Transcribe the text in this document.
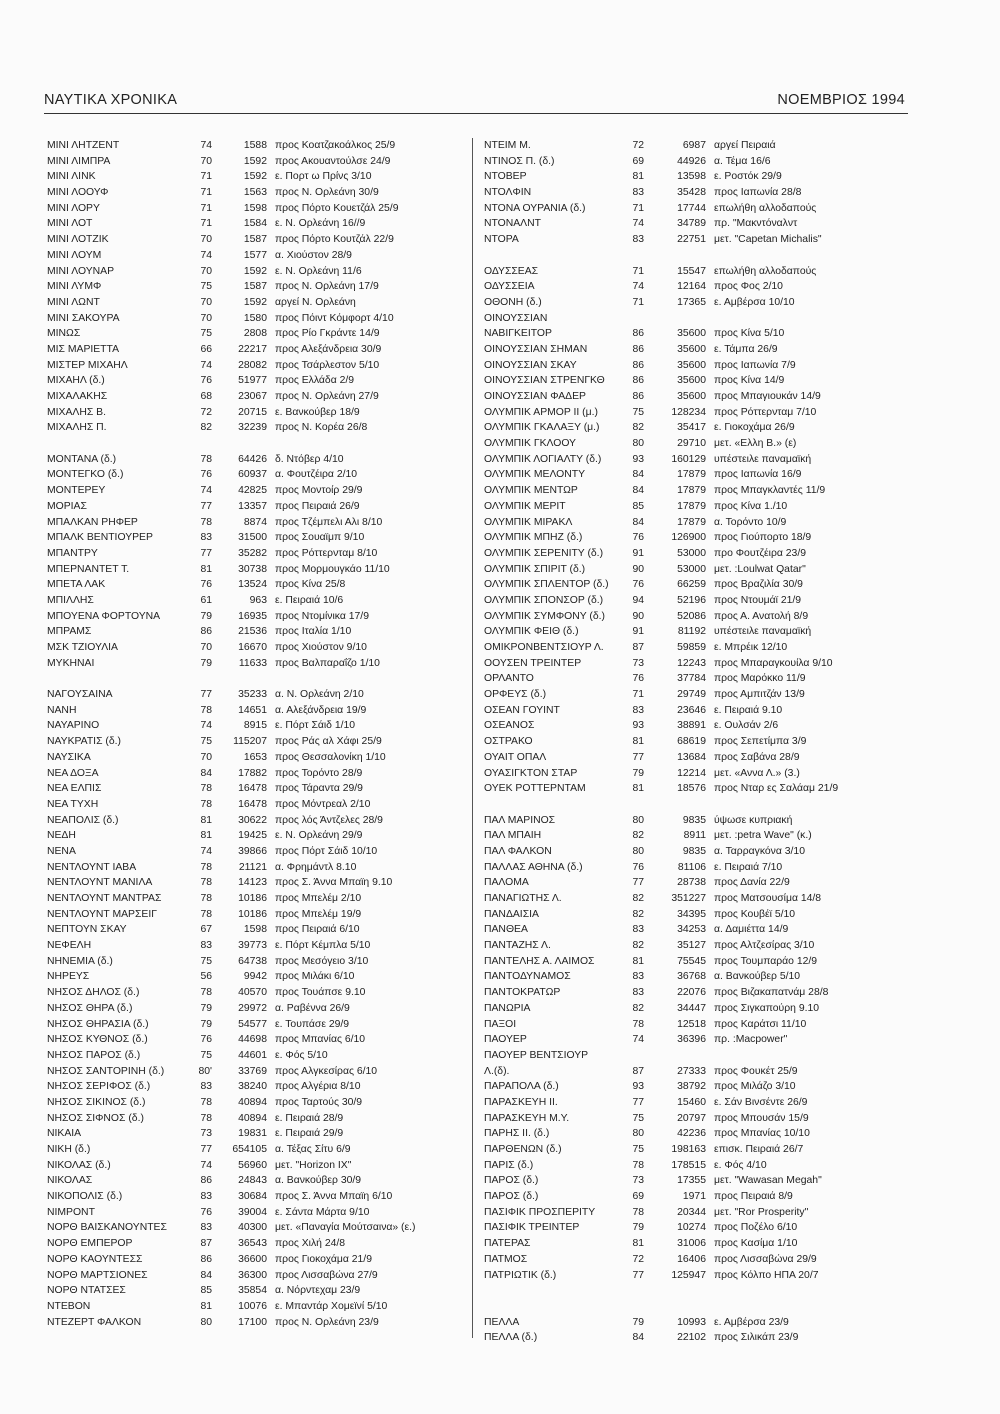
ΝΑΥΤΙΚΑ ΧΡΟΝΙΚΑ	ΝΟΕΜΒΡΙΟΣ 1994
ΜΙΝΙ ΛΗΤΖΕΝΤ	74	1588 προς Κοατζακοάλκος 25/9
ΜΙΝΙ ΛΙΜΠΡΑ	70	1592 προς Ακουαντούλσε 24/9
ΜΙΝΙ ΛΙΝΚ	71	1592 ε. Πορτ ω Πρίνς 3/10
ΜΙΝΙ ΛΟΟΥΦ	71	1563 προς Ν. Ορλεάνη 30/9
ΜΙΝΙ ΛΟΡΥ	71	1598 προς Πόρτο Κουετζάλ 25/9
ΜΙΝΙ ΛΟΤ	71	1584 ε. Ν. Ορλεάνη 16//9
ΜΙΝΙ ΛΟΤΖΙΚ	70	1587 προς Πόρτο Κουτζάλ 22/9
ΜΙΝΙ ΛΟΥΜ	74	1577 α. Χιούστον 28/9
ΜΙΝΙ ΛΟΥΝΑΡ	70	1592 ε. Ν. Ορλεάνη 11/6
ΜΙΝΙ ΛΥΜΦ	75	1587 προς Ν. Ορλεάνη 17/9
ΜΙΝΙ ΛΩΝΤ	70	1592 αργεί Ν. Ορλεάνη
ΜΙΝΙ ΣΑΚΟΥΡΑ	70	1580 προς Πόιντ Κόμφορτ 4/10
ΜΙΝΩΣ	75	2808 προς Ρίο Γκράντε 14/9
ΜΙΣ ΜΑΡΙΕΤΤΑ	66	22217 προς Αλεξάνδρεια 30/9
ΜΙΣΤΕΡ ΜΙΧΑΗΛ	74	28082 προς Τσάρλεστον 5/10
ΜΙΧΑΗΛ (δ.)	76	51977 προς Ελλάδα 2/9
ΜΙΧΑΛΑΚΗΣ	68	23067 προς Ν. Ορλεάνη 27/9
ΜΙΧΑΛΗΣ Β.	72	20715 ε. Βανκούβερ 18/9
ΜΙΧΑΛΗΣ Π.	82	32239 προς Ν. Κορέα 26/8
ΜΟΝΤΑΝΑ (δ.)	78	64426 δ. Ντόβερ 4/10
ΜΟΝΤΕΓΚΟ (δ.)	76	60937 α. Φουτζέιρα 2/10
ΜΟΝΤΕΡΕΥ	74	42825 προς Μοντοίρ 29/9
ΜΟΡΙΑΣ	77	13357 προς Πειραιά 26/9
ΜΠΑΛΚΑΝ ΡΗΦΕΡ	78	8874 προς Τζέμπελι Αλι 8/10
ΜΠΑΛΚ ΒΕΝΤΙΟΥΡΕΡ	83	31500 προς Σουαϊμπ 9/10
ΜΠΑΝΤΡΥ	77	35282 προς Ρόττερνταμ 8/10
ΜΠΕΡΝΑΝΤΕΤ Τ.	81	30738 προς Μορμουγκάο 11/10
ΜΠΕΤΑ ΛΑΚ	76	13524 προς Κίνα 25/8
ΜΠΙΛΛΗΣ	61	963 ε. Πειραιά 10/6
ΜΠΟΥΕΝΑ ΦΟΡΤΟΥΝΑ	79	16935 προς Ντομίνικα 17/9
ΜΠΡΑΜΣ	86	21536 προς Ιταλία 1/10
ΜΣΚ ΤΖΙΟΥΛΙΑ	70	16670 προς Χιούστον 9/10
ΜΥΚΗΝΑΙ	79	11633 προς Βαλπαραΐζο 1/10
ΝΑΓΟΥΣΑΙΝΑ	77	35233 α. Ν. Ορλεάνη 2/10
ΝΑΝΗ	78	14651 α. Αλεξάνδρεια 19/9
ΝΑΥΑΡΙΝΟ	74	8915 ε. Πόρτ Σάιδ 1/10
ΝΑΥΚΡΑΤΙΣ (δ.)	75	115207 προς Ράς αλ Χάφι 25/9
ΝΑΥΣΙΚΑ	70	1653 προς Θεσσαλονίκη 1/10
ΝΕΑ ΔΟΞΑ	84	17882 προς Τορόντο 28/9
ΝΕΑ ΕΛΠΙΣ	78	16478 προς Τάραντα 29/9
ΝΕΑ ΤΥΧΗ	78	16478 προς Μόντρεαλ 2/10
ΝΕΑΠΟΛΙΣ (δ.)	81	30622 προς λός Άντζελες 28/9
ΝΕΔΗ	81	19425 ε. Ν. Ορλεάνη 29/9
ΝΕΝΑ	74	39866 προς Πόρτ Σάιδ 10/10
ΝΕΝΤΛΟΥΝΤ ΙΑΒΑ	78	21121 α. Φρημάντλ 8.10
ΝΕΝΤΛΟΥΝΤ ΜΑΝΙΛΑ	78	14123 προς Σ. Άννα Μπαϊη 9.10
ΝΕΝΤΛΟΥΝΤ ΜΑΝΤΡΑΣ	78	10186 προς Μπελέμ 2/10
ΝΕΝΤΛΟΥΝΤ ΜΑΡΣΕΙΓ	78	10186 προς Μπελέμ 19/9
ΝΕΠΤΟΥΝ ΣΚΑΥ	67	1598 προς Πειραιά 6/10
ΝΕΦΕΛΗ	83	39773 ε. Πόρτ Κέμπλα 5/10
ΝΗΝΕΜΙΑ (δ.)	75	64738 προς Μεσόγειο 3/10
ΝΗΡΕΥΣ	56	9942 προς Μιλάκι 6/10
ΝΗΣΟΣ ΔΗΛΟΣ (δ.)	78	40570 προς Τουάπσε 9.10
ΝΗΣΟΣ ΘΗΡΑ (δ.)	79	29972 α. Ραβέννα 26/9
ΝΗΣΟΣ ΘΗΡΑΣΙΑ (δ.)	79	54577 ε. Τουπάσε 29/9
ΝΗΣΟΣ ΚΥΘΝΟΣ (δ.)	76	44698 προς Μπανίας 6/10
ΝΗΣΟΣ ΠΑΡΟΣ (δ.)	75	44601 ε. Φός 5/10
ΝΗΣΟΣ ΣΑΝΤΟΡΙΝΗ (δ.)	80'	33769 προς Αλγκεσίρας 6/10
ΝΗΣΟΣ ΣΕΡΙΦΟΣ (δ.)	83	38240 προς Αλγέρια 8/10
ΝΗΣΟΣ ΣΙΚΙΝΟΣ (δ.)	78	40894 προς Ταρτούς 30/9
ΝΗΣΟΣ ΣΙΦΝΟΣ (δ.)	78	40894 ε. Πειραιά 28/9
ΝΙΚΑΙΑ	73	19831 ε. Πειραιά 29/9
ΝΙΚΗ (δ.)	77	654105 α. Τέξας Σίτυ 6/9
ΝΙΚΟΛΑΣ (δ.)	74	56960 μετ. "Horizon IX"
ΝΙΚΟΛΑΣ	86	24843 α. Βανκούβερ 30/9
ΝΙΚΟΠΟΛΙΣ (δ.)	83	30684 προς Σ. Άννα Μπαϊη 6/10
ΝΙΜΡΟΝΤ	76	39004 ε. Σάντα Μάρτα 9/10
ΝΟΡΘ ΒΑΙΣΚΑΝΟΥΝΤΕΣ	83	40300 μετ. «Παναγία Μούτσαινα» (ε.)
ΝΟΡΘ ΕΜΠΕΡΟΡ	87	36543 προς Χιλή 24/8
ΝΟΡΘ ΚΑΟΥΝΤΕΣΣ	86	36600 προς Γιοκοχάμα 21/9
ΝΟΡΘ ΜΑΡΤΣΙΟΝΕΣ	84	36300 προς Λισσαβώνα 27/9
ΝΟΡΘ ΝΤΑΤΣΕΣ	85	35854 α. Νόρντεχαμ 23/9
ΝΤΕΒΟΝ	81	10076 ε. Μπαντάρ Χομεϊνί 5/10
ΝΤΕΖΕΡΤ ΦΑΛΚΟΝ	80	17100 προς Ν. Ορλεάνη 23/9
ΝΤΕΙΜ Μ.	72	6987 αργεί Πειραιά
ΝΤΙΝΟΣ Π. (δ.)	69	44926 α. Τέμα 16/6
ΝΤΟΒΕΡ	81	13598 ε. Ροστόκ 29/9
ΝΤΟΛΦΙΝ	83	35428 προς Ιαπωνία 28/8
ΝΤΟΝΑ ΟΥΡΑΝΙΑ (δ.)	71	17744 επωλήθη αλλοδαπούς
ΝΤΟΝΑΛΝΤ	74	34789 πρ. "Μακντόναλντ
ΝΤΟΡΑ	83	22751 μετ. "Capetan Michalis"
ΟΔΥΣΣΕΑΣ	71	15547 επωλήθη αλλοδαπούς
ΟΔΥΣΣΕΙΑ	74	12164 προς Φος 2/10
ΟΘΟΝΗ (δ.)	71	17365 ε. Αμβέρσα 10/10
ΟΙΝΟΥΣΣΙΑΝ
ΝΑΒΙΓΚΕΙΤΟΡ	86	35600 προς Κίνα 5/10
ΟΙΝΟΥΣΣΙΑΝ ΣΗΜΑΝ	86	35600 ε. Τάμπα 26/9
ΟΙΝΟΥΣΣΙΑΝ ΣΚΑΥ	86	35600 προς Ιαπωνία 7/9
ΟΙΝΟΥΣΣΙΑΝ ΣΤΡΕΝΓΚΘ	86	35600 προς Κίνα 14/9
ΟΙΝΟΥΣΣΙΑΝ ΦΑΔΕΡ	86	35600 προς Μπαγιουκάν 14/9
ΟΛΥΜΠΙΚ ΑΡΜΟΡ II (μ.)	75	128234 προς Ρόττερνταμ 7/10
ΟΛΥΜΠΙΚ ΓΚΑΛΑΞΥ (μ.)	82	35417 ε. Γιοκοχάμα 26/9
ΟΛΥΜΠΙΚ ΓΚΛΟΟΥ	80	29710 μετ. «Ελλη Β.» (ε)
ΟΛΥΜΠΙΚ ΛΟΓΙΑΛΤΥ (δ.)	93	160129 υπέστειλε παναμαϊκή
ΟΛΥΜΠΙΚ ΜΕΛΟΝΤΥ	84	17879 προς Ιαπωνία 16/9
ΟΛΥΜΠΙΚ ΜΕΝΤΩΡ	84	17879 προς Μπαγκλαντές 11/9
ΟΛΥΜΠΙΚ ΜΕΡΙΤ	85	17879 προς Κίνα 1./10
ΟΛΥΜΠΙΚ ΜΙΡΑΚΛ	84	17879 α. Τορόντο 10/9
ΟΛΥΜΠΙΚ ΜΠΗΖ (δ.)	76	126900 προς Γιούπορτο 18/9
ΟΛΥΜΠΙΚ ΣΕΡΕΝΙΤΥ (δ.)	91	53000 προ Φουτζέιρα 23/9
ΟΛΥΜΠΙΚ ΣΠΙΡΙΤ (δ.)	90	53000 μετ. :Loulwat Qatar"
ΟΛΥΜΠΙΚ ΣΠΛΕΝΤΟΡ (δ.)	76	66259 προς Βραζιλία 30/9
ΟΛΥΜΠΙΚ ΣΠΟΝΣΟΡ (δ.)	94	52196 προς Ντουμάϊ 21/9
ΟΛΥΜΠΙΚ ΣΥΜΦΟΝΥ (δ.)	90	52086 προς Α. Ανατολή 8/9
ΟΛΥΜΠΙΚ ΦΕΙΘ (δ.)	91	81192 υπέστειλε παναμαϊκή
ΟΜΙΚΡΟΝΒΕΝΤΣΙΟΥΡ Λ.	87	59859 ε. Μπρέικ 12/10
ΟΟΥΣΕΝ ΤΡΕΙΝΤΕΡ	73	12243 προς Μπαραγκουίλα 9/10
ΟΡΛΑΝΤΟ	76	37784 προς Μαρόκκο 11/9
ΟΡΦΕΥΣ (δ.)	71	29749 προς Αμπιτζάν 13/9
ΟΣΕΑΝ ΓΟΥΙΝΤ	83	23646 ε. Πειραιά 9.10
ΟΣΕΑΝΟΣ	93	38891 ε. Ουλσάν 2/6
ΟΣΤΡΑΚΟ	81	68619 προς Σεπετίμπα 3/9
ΟΥΑΙΤ ΟΠΑΛ	77	13684 προς Σαβάνα 28/9
ΟΥΑΣΙΓΚΤΟΝ ΣΤΑΡ	79	12214 μετ. «Αννα Λ.» (3.)
ΟΥΕΚ ΡΟΤΤΕΡΝΤΑΜ	81	18576 προς Νταρ ες Σαλάαμ 21/9
ΠΑΛ ΜΑΡΙΝΟΣ	80	9835 ύψωσε κυπριακή
ΠΑΛ ΜΠΑΙΗ	82	8911 μετ. :petra Wave" (κ.)
ΠΑΛ ΦΑΛΚΟΝ	80	9835 α. Ταρραγκόνα 3/10
ΠΑΛΛΑΣ ΑΘΗΝΑ (δ.)	76	81106 ε. Πειραιά 7/10
ΠΑΛΟΜΑ	77	28738 προς Δανία 22/9
ΠΑΝΑΓΙΩΤΗΣ Λ.	82	351227 προς Ματσουσίμα 14/8
ΠΑΝΔΑΙΣΙΑ	82	34395 προς Κουβέϊ 5/10
ΠΑΝΘΕΑ	83	34253 α. Δαμιέττα 14/9
ΠΑΝΤΑΖΗΣ Λ.	82	35127 προς Αλτζεσίρας 3/10
ΠΑΝΤΕΛΗΣ Α. ΛΑΙΜΟΣ	81	75545 προς Τουμπαράο 12/9
ΠΑΝΤΟΔΥΝΑΜΟΣ	83	36768 α. Βανκούβερ 5/10
ΠΑΝΤΟΚΡΑΤΩΡ	83	22076 προς Βιζακαπατνάμ 28/8
ΠΑΝΩΡΙΑ	82	34447 προς Σιγκαπούρη 9.10
ΠΑΞΟΙ	78	12518 προς Καράτσι 11/10
ΠΑΟΥΕΡ	74	36396 πρ. :Macpower"
ΠΑΟΥΕΡ ΒΕΝΤΣΙΟΥΡ
Λ.(δ).	87	27333 προς Φουκέτ 25/9
ΠΑΡΑΠΟΛΑ (δ.)	93	38792 προς Μιλάζο 3/10
ΠΑΡΑΣΚΕΥΗ ΙΙ.	77	15460 ε. Σάν Βινσέντε 26/9
ΠΑΡΑΣΚΕΥΗ Μ.Υ.	75	20797 προς Μπουσάν 15/9
ΠΑΡΗΣ ΙΙ. (δ.)	80	42236 προς Μπανίας 10/10
ΠΑΡΘΕΝΩΝ (δ.)	75	198163 επισκ. Πειραιά 26/7
ΠΑΡΙΣ (δ.)	78	178515 ε. Φός 4/10
ΠΑΡΟΣ (δ.)	73	17355 μετ. "Wawasan Megah"
ΠΑΡΟΣ (δ.)	69	1971 προς Πειραιά 8/9
ΠΑΣΙΦΙΚ ΠΡΟΣΠΕΡΙΤΥ	78	20344 μετ. "Ror Prosperity"
ΠΑΣΙΦΙΚ ΤΡΕΙΝΤΕΡ	79	10274 προς Ποζέλο 6/10
ΠΑΤΕΡΑΣ	81	31006 προς Κασίμα 1/10
ΠΑΤΜΟΣ	72	16406 προς Λισσαβώνα 29/9
ΠΑΤΡΙΩΤΙΚ (δ.)	77	125947 προς Κόλπο ΗΠΑ 20/7
ΠΕΛΛΑ	79	10993 ε. Αμβέρσα 23/9
ΠΕΛΛΑ (δ.)	84	22102 προς Σιλικάπ 23/9
